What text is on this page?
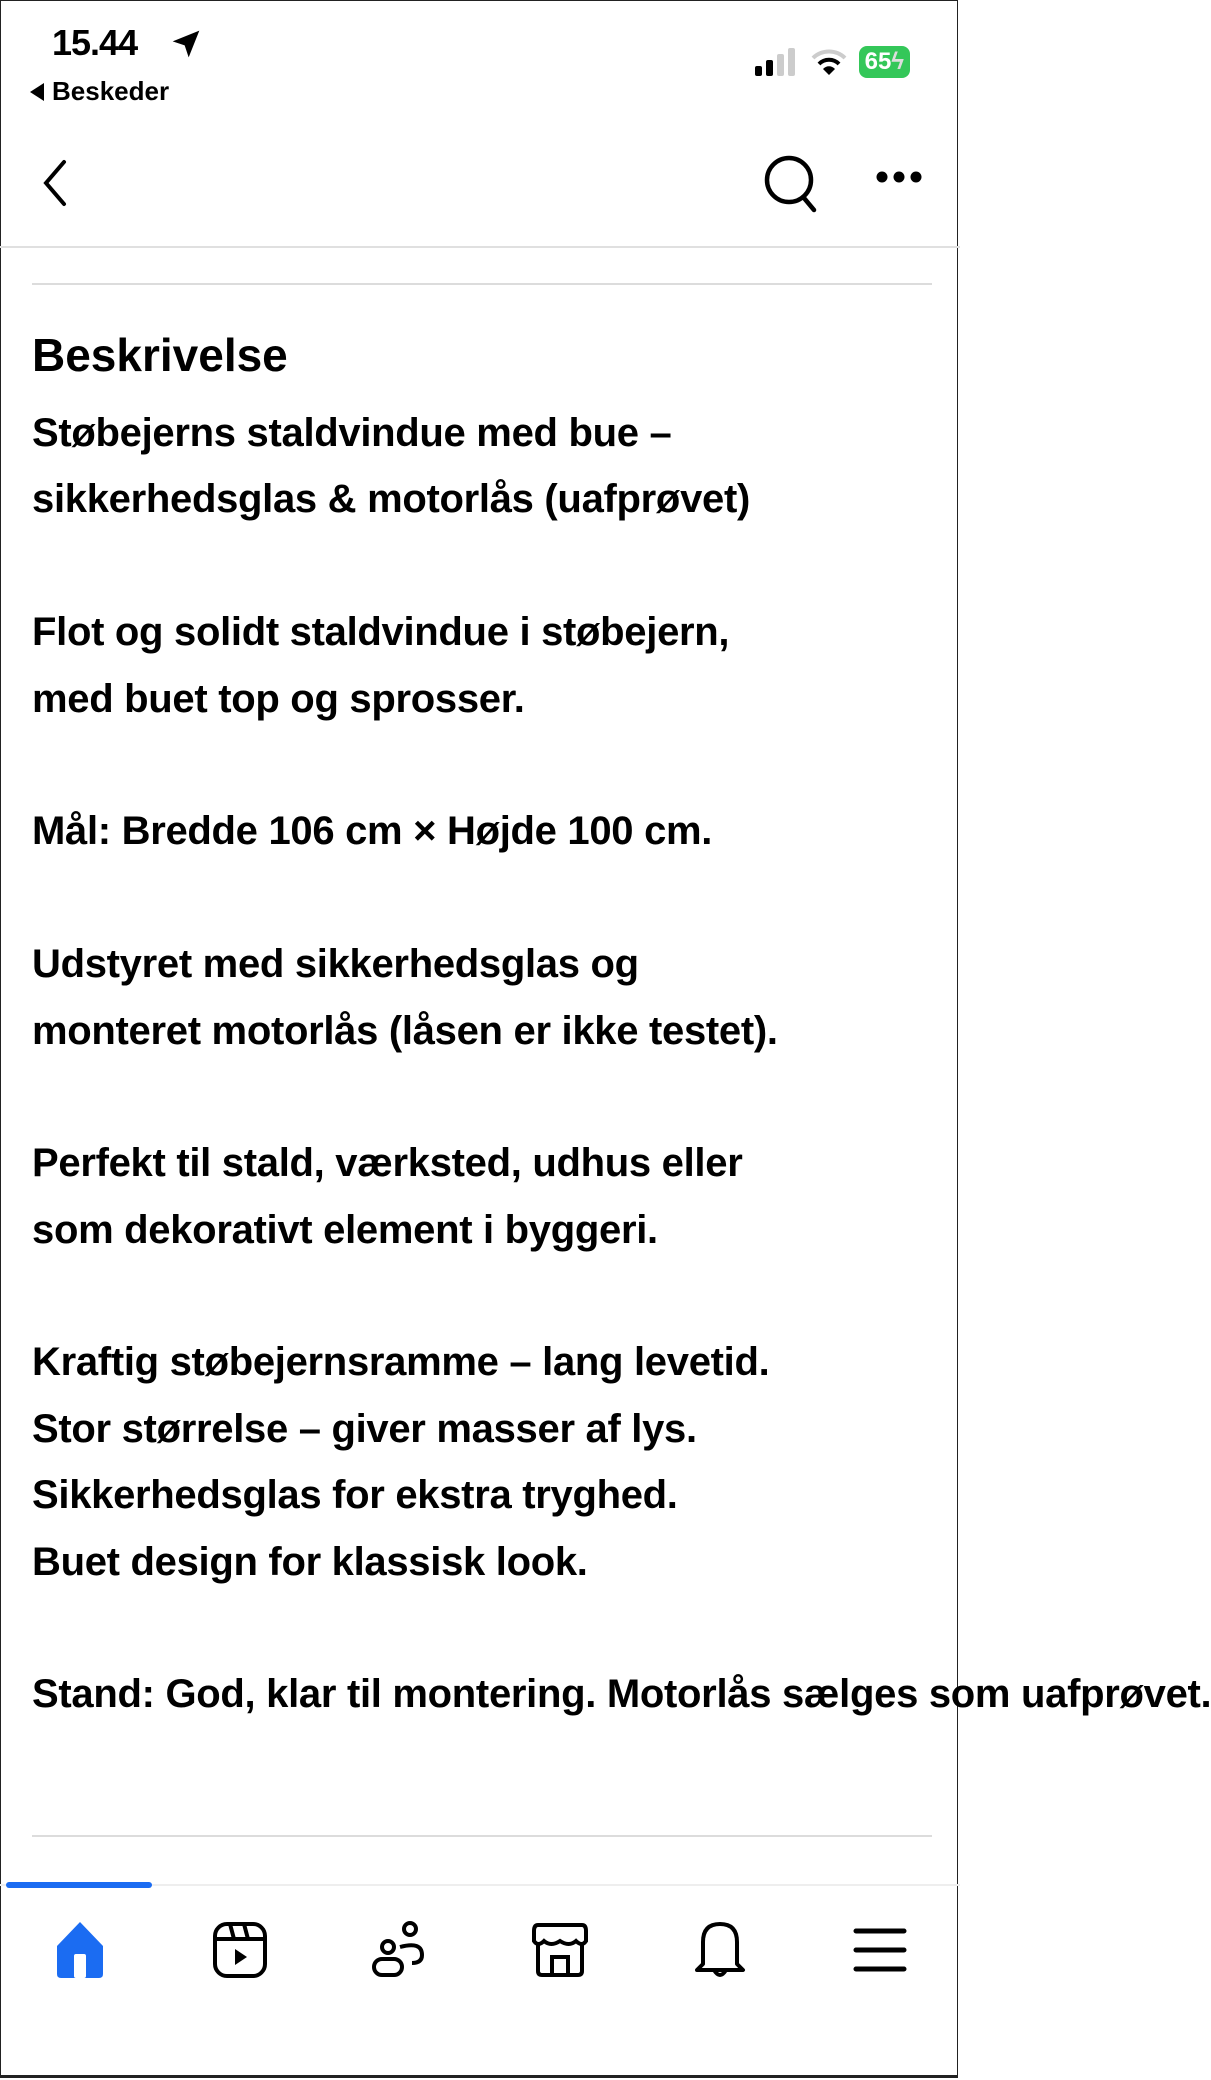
15.44
Beskeder
65ϟ
Beskrivelse
Støbejerns staldvindue med bue –
sikkerhedsglas & motorlås (uafprøvet)
Flot og solidt staldvindue i støbejern,
med buet top og sprosser.
Mål: Bredde 106 cm × Højde 100 cm.
Udstyret med sikkerhedsglas og
monteret motorlås (låsen er ikke testet).
Perfekt til stald, værksted, udhus eller
som dekorativt element i byggeri.
Kraftig støbejernsramme – lang levetid.
Stor størrelse – giver masser af lys.
Sikkerhedsglas for ekstra tryghed.
Buet design for klassisk look.
Stand: God, klar til montering. Motorlås sælges som uafprøvet.
